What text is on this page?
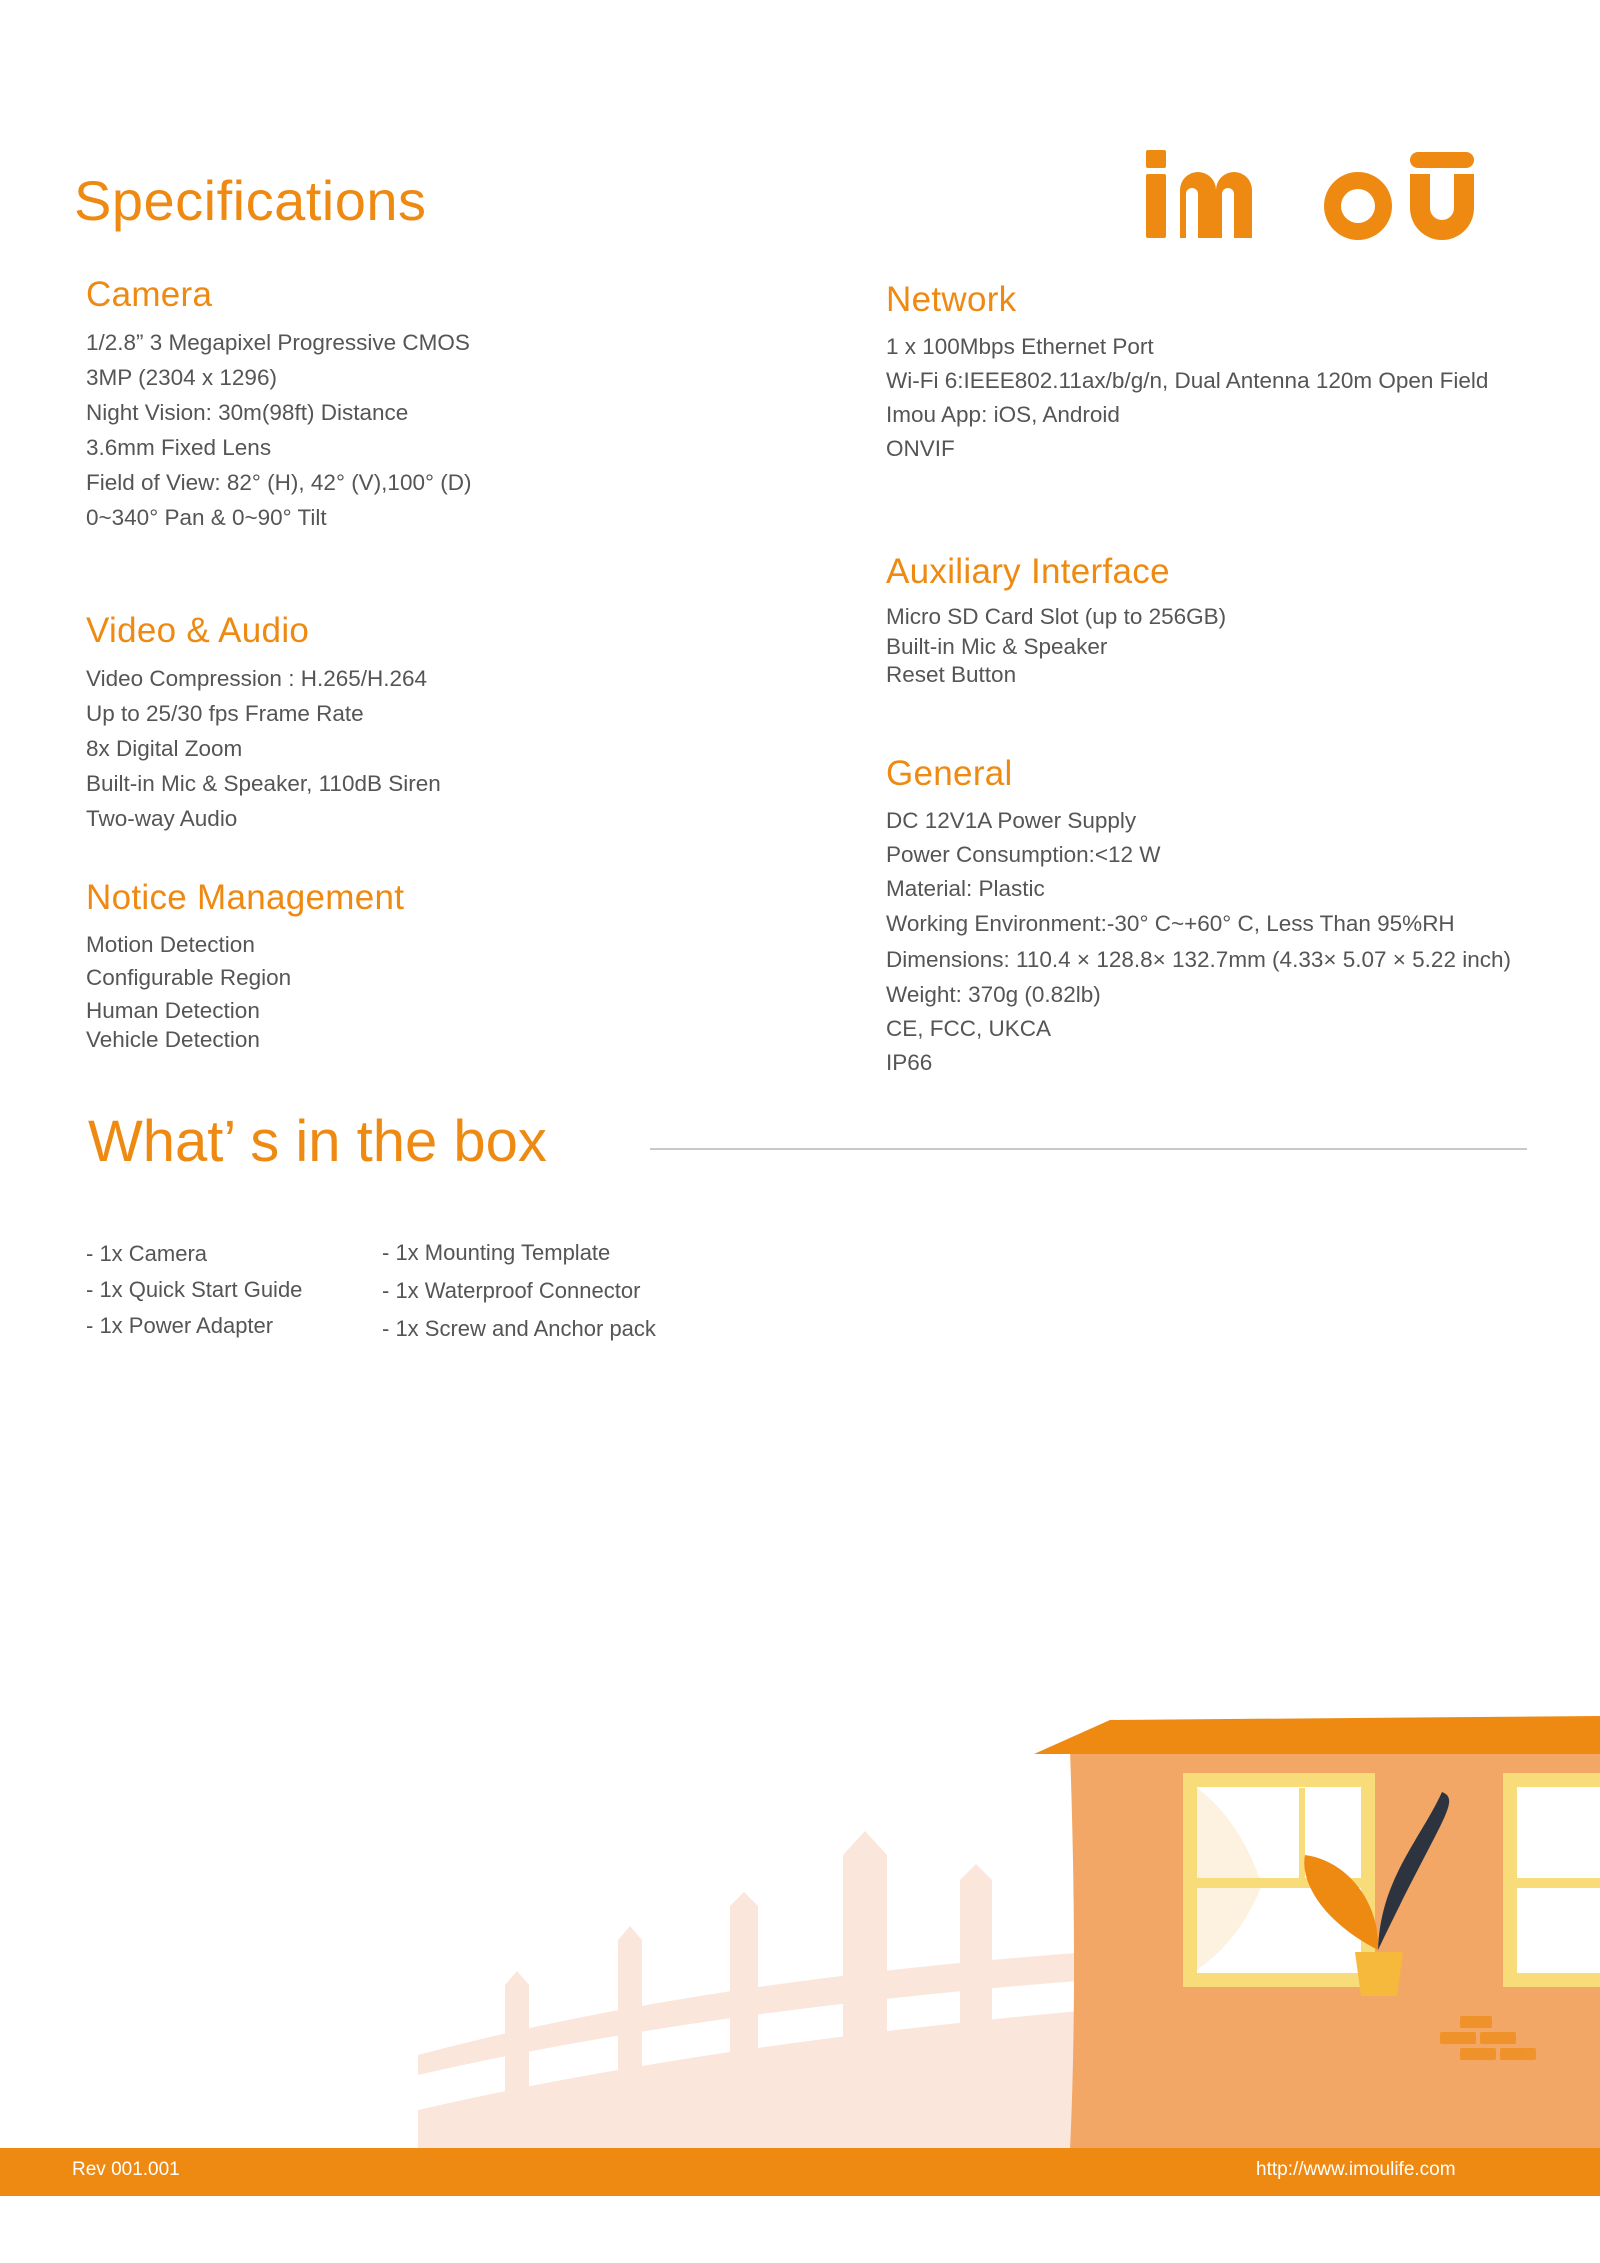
Specifications
Camera
1/2.8” 3 Megapixel Progressive CMOS
3MP (2304 x 1296)
Night Vision: 30m(98ft) Distance
3.6mm Fixed Lens
Field of View: 82° (H), 42° (V),100° (D)
0~340° Pan & 0~90° Tilt
Video & Audio
Video Compression : H.265/H.264
Up to 25/30 fps Frame Rate
8x Digital Zoom
Built-in Mic & Speaker, 110dB Siren
Two-way Audio
Notice Management
Motion Detection
Configurable Region
Human Detection
Vehicle Detection
Network
1 x 100Mbps Ethernet Port
Wi-Fi 6:IEEE802.11ax/b/g/n, Dual Antenna 120m Open Field
Imou App: iOS, Android
ONVIF
Auxiliary Interface
Micro SD Card Slot (up to 256GB)
Built-in Mic & Speaker
Reset Button
General
DC 12V1A Power Supply
Power Consumption:<12 W
Material: Plastic
Working Environment:-30° C~+60° C, Less Than 95%RH
Dimensions: 110.4 × 128.8× 132.7mm (4.33× 5.07 × 5.22 inch)
Weight: 370g (0.82lb)
CE, FCC, UKCA
IP66
What’ s in the box
- 1x Camera
- 1x Quick Start Guide
- 1x Power Adapter
- 1x Mounting Template
- 1x Waterproof Connector
- 1x Screw and Anchor pack
Rev 001.001	http://www.imoulife.com
